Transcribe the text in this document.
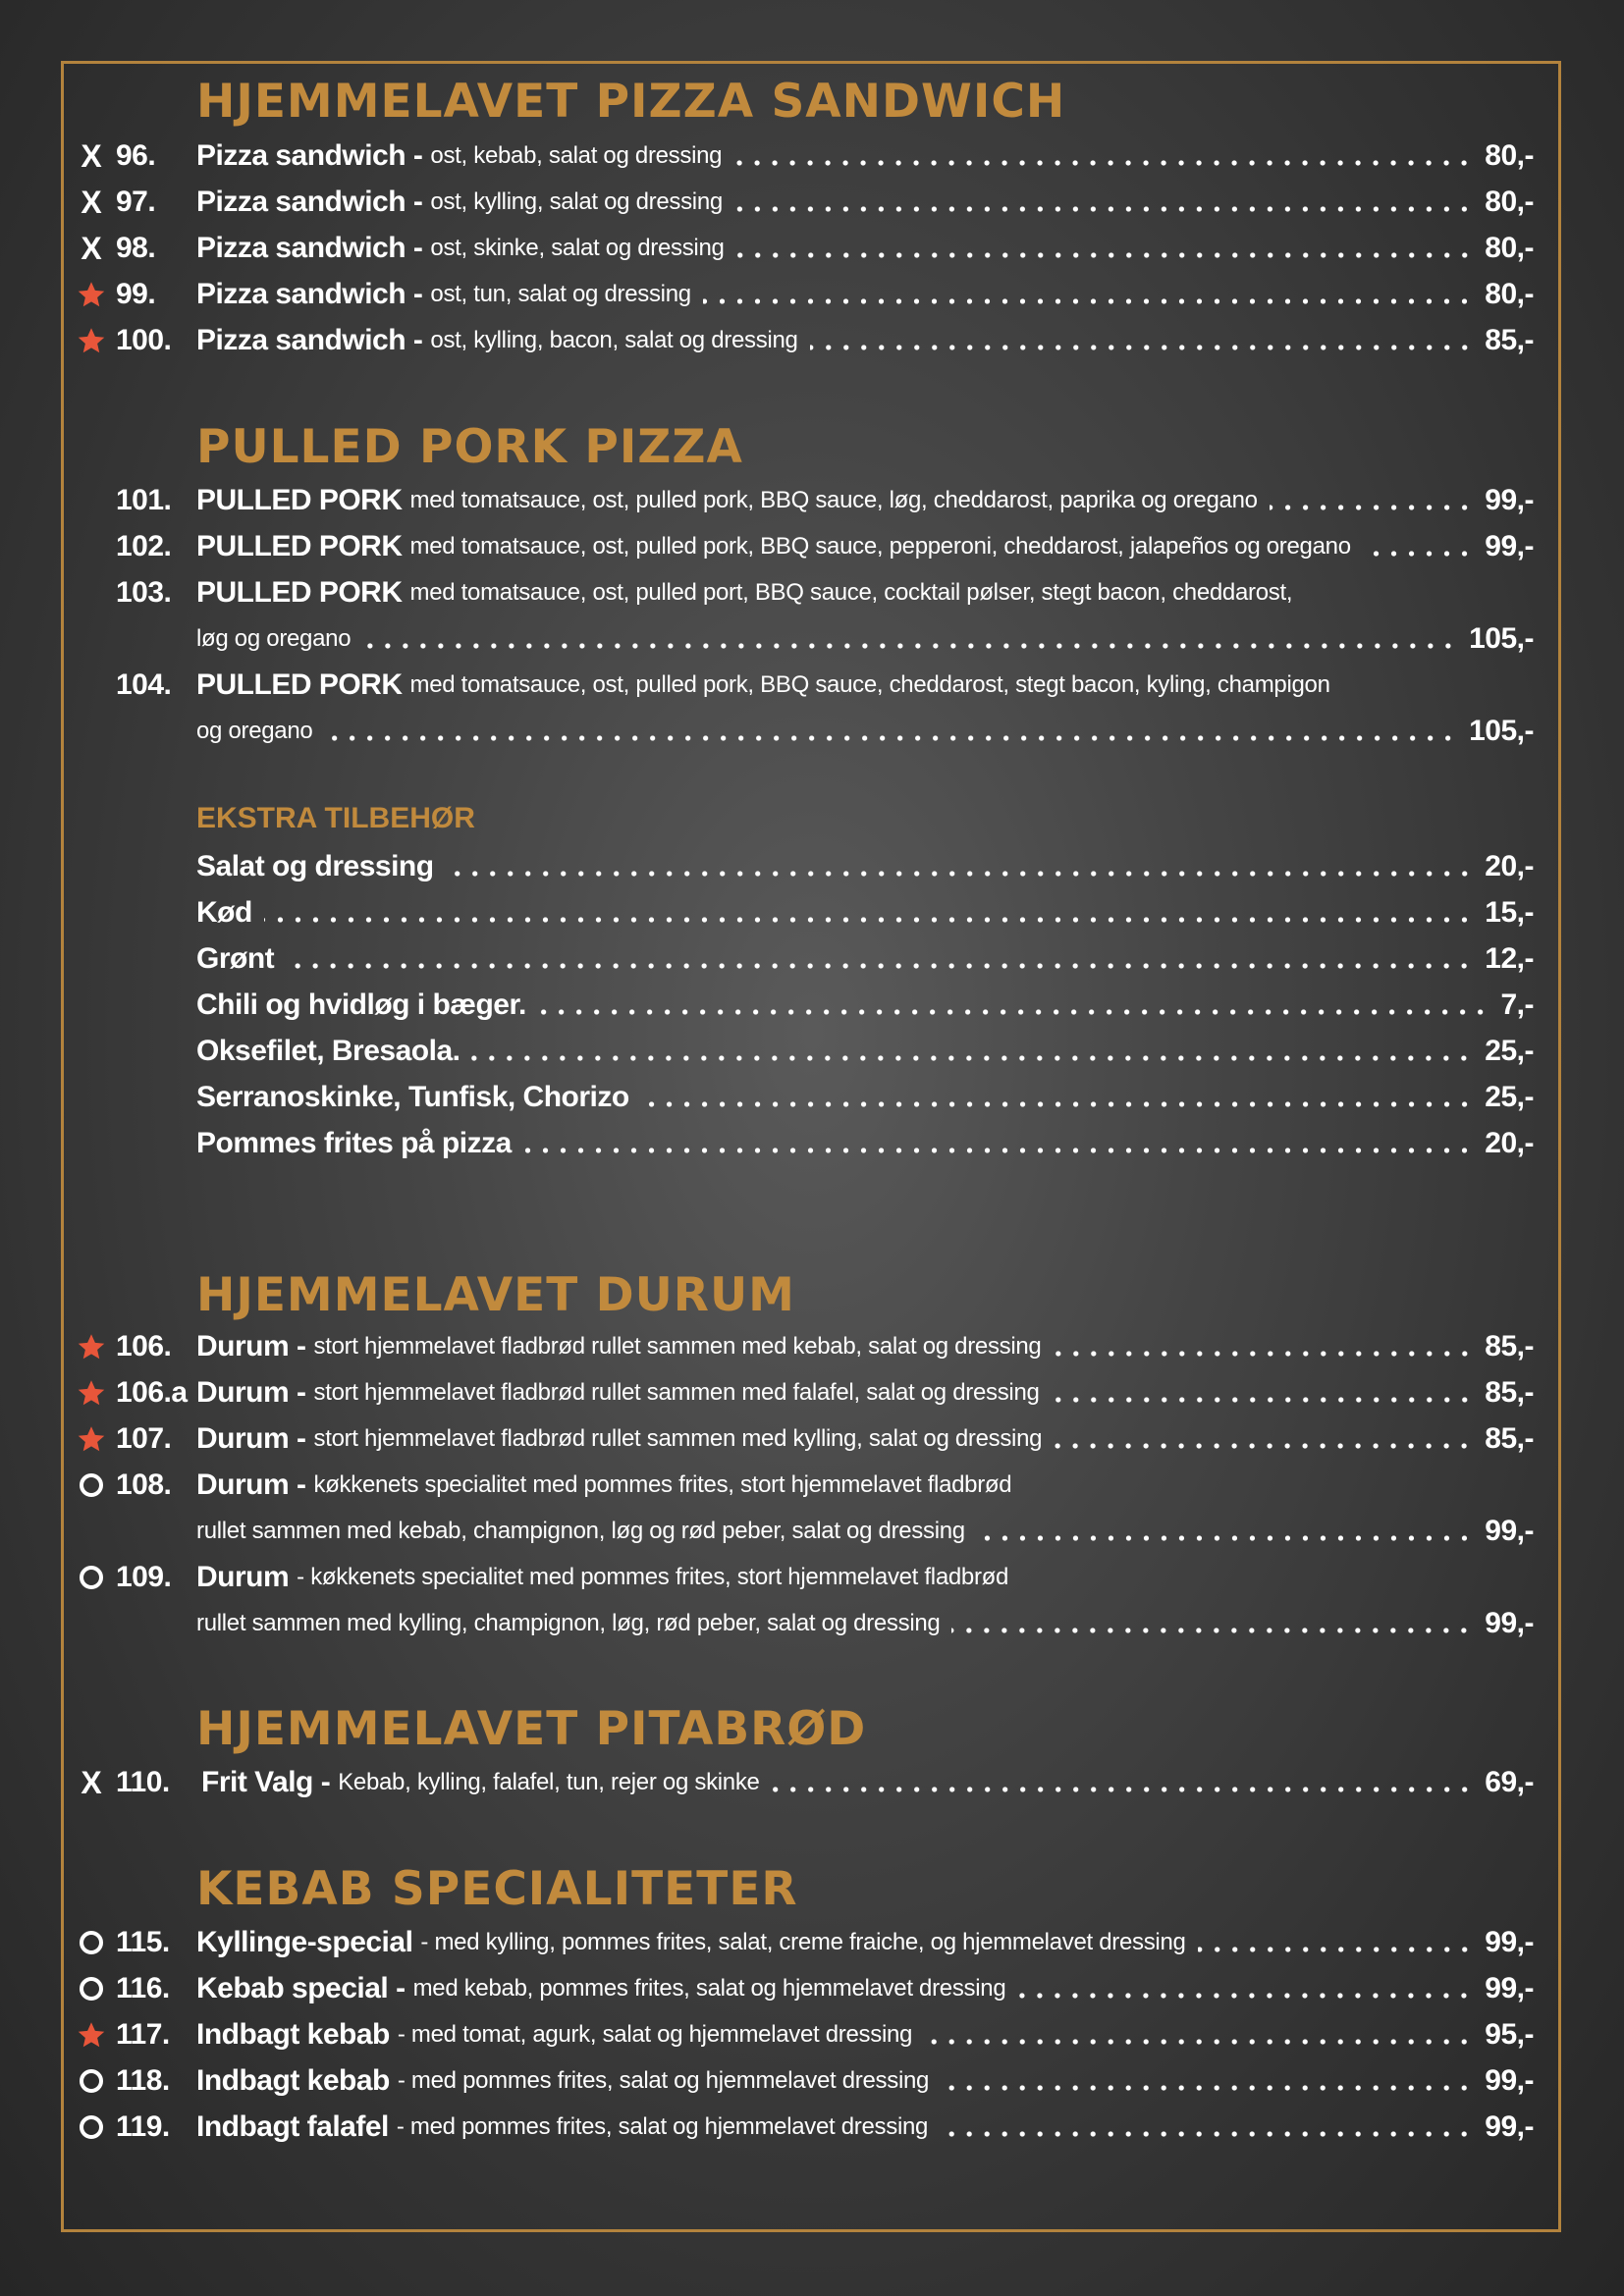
HJEMMELAVET PIZZA SANDWICH
X 96. Pizza sandwich - ost, kebab, salat og dressing	80,-
X 97. Pizza sandwich - ost, kylling, salat og dressing	80,-
X 98. Pizza sandwich - ost, skinke, salat og dressing	80,-
99. Pizza sandwich - ost, tun, salat og dressing	80,-
100. Pizza sandwich - ost, kylling, bacon, salat og dressing	85,-
PULLED PORK PIZZA
101. PULLED PORK med tomatsauce, ost, pulled pork, BBQ sauce, løg, cheddarost, paprika og oregano	99,-
102. PULLED PORK med tomatsauce, ost, pulled pork, BBQ sauce, pepperoni, cheddarost, jalapeños og oregano	99,-
103. PULLED PORK med tomatsauce, ost, pulled port, BBQ sauce, cocktail pølser, stegt bacon, cheddarost,
løg og oregano	105,-
104. PULLED PORK med tomatsauce, ost, pulled pork, BBQ sauce, cheddarost, stegt bacon, kyling, champigon
og oregano	105,-
EKSTRA TILBEHØR
Salat og dressing	20,-
Kød	15,-
Grønt	12,-
Chili og hvidløg i bæger.	7,-
Oksefilet, Bresaola.	25,-
Serranoskinke, Tunfisk, Chorizo	25,-
Pommes frites på pizza	20,-
HJEMMELAVET DURUM
106. Durum - stort hjemmelavet fladbrød rullet sammen med kebab, salat og dressing	85,-
106.a Durum - stort hjemmelavet fladbrød rullet sammen med falafel, salat og dressing	85,-
107. Durum - stort hjemmelavet fladbrød rullet sammen med kylling, salat og dressing	85,-
108. Durum - køkkenets specialitet med pommes frites, stort hjemmelavet fladbrød
rullet sammen med kebab, champignon, løg og rød peber, salat og dressing	99,-
109. Durum - køkkenets specialitet med pommes frites, stort hjemmelavet fladbrød
rullet sammen med kylling, champignon, løg, rød peber, salat og dressing	99,-
HJEMMELAVET PITABRØD
X 110. Frit Valg - Kebab, kylling, falafel, tun, rejer og skinke	69,-
KEBAB SPECIALITETER
115. Kyllinge-special - med kylling, pommes frites, salat, creme fraiche, og hjemmelavet dressing	99,-
116. Kebab special - med kebab, pommes frites, salat og hjemmelavet dressing	99,-
117. Indbagt kebab - med tomat, agurk, salat og hjemmelavet dressing	95,-
118. Indbagt kebab - med pommes frites, salat og hjemmelavet dressing	99,-
119. Indbagt falafel - med pommes frites, salat og hjemmelavet dressing	99,-
